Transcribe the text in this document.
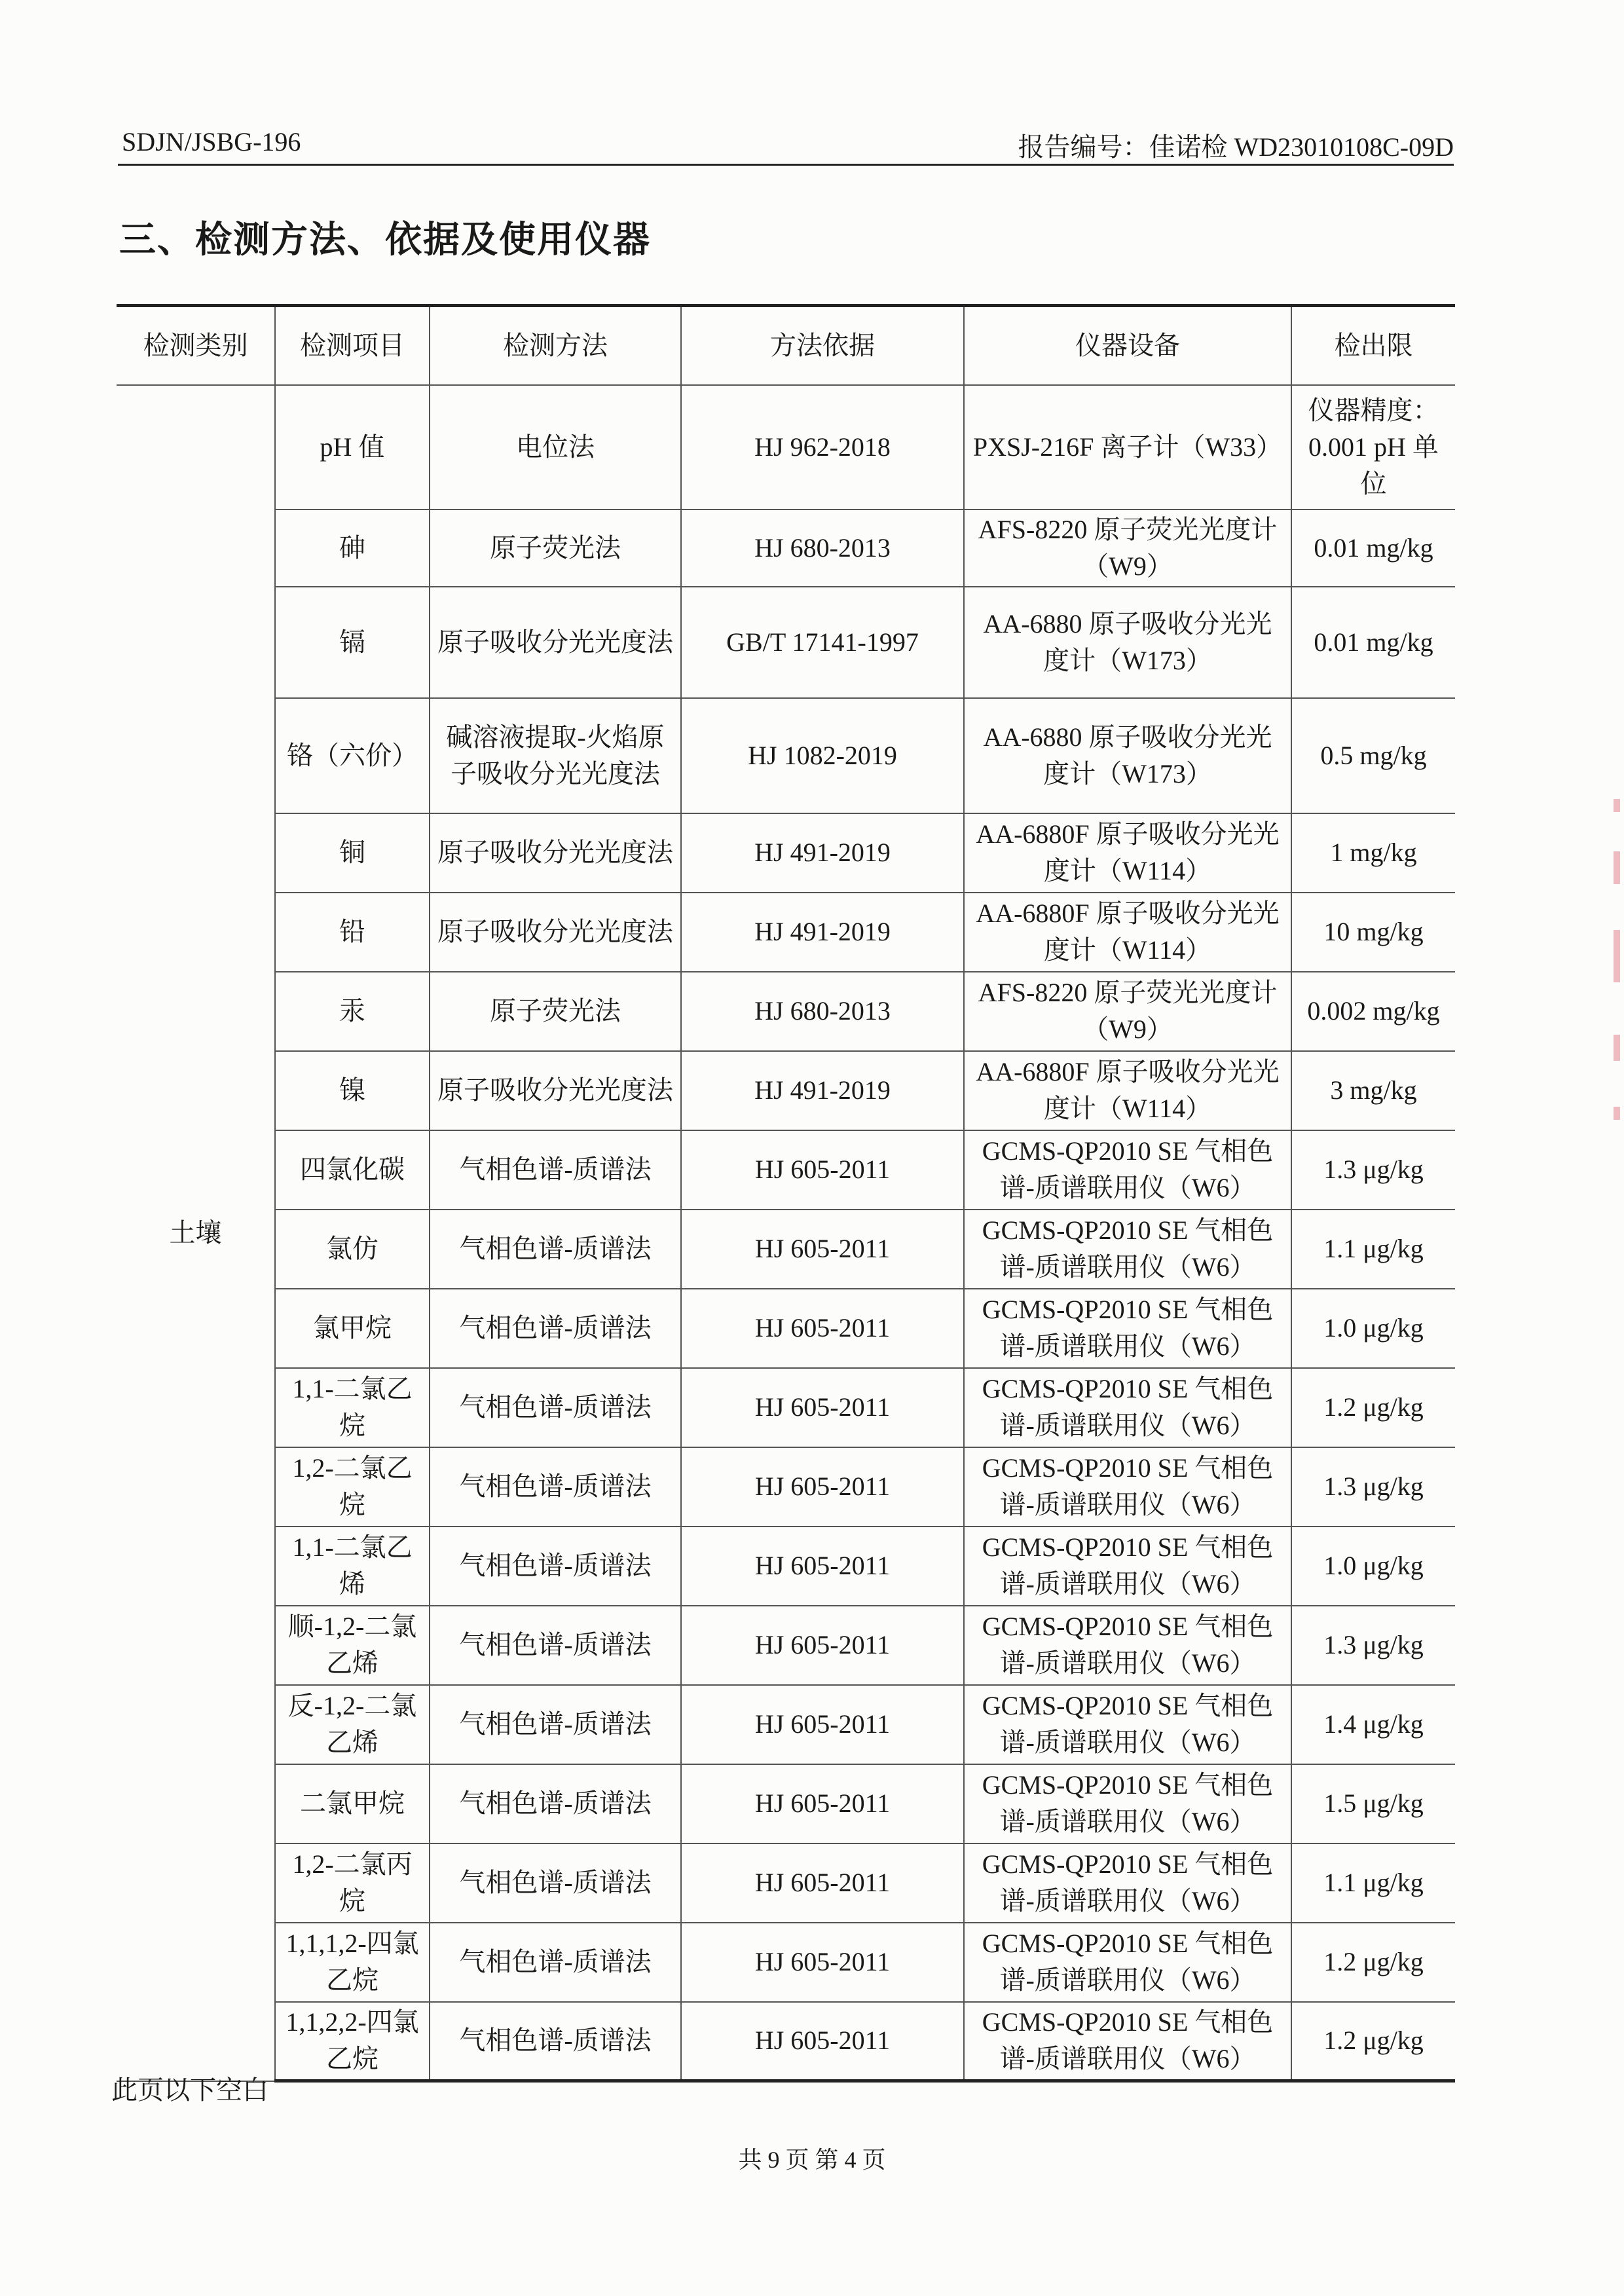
SDJN/JSBG-196	报告编号：佳诺检 WD23010108C-09D
三、检测方法、依据及使用仪器
检测类别	检测项目	检测方法	方法依据	仪器设备	检出限
土壤	pH 值	电位法	HJ 962-2018	PXSJ-216F 离子计（W33）	仪器精度：0.001 pH 单位
	砷	原子荧光法	HJ 680-2013	AFS-8220 原子荧光光度计（W9）	0.01 mg/kg
	镉	原子吸收分光光度法	GB/T 17141-1997	AA-6880 原子吸收分光光度计（W173）	0.01 mg/kg
	铬（六价）	碱溶液提取-火焰原子吸收分光光度法	HJ 1082-2019	AA-6880 原子吸收分光光度计（W173）	0.5 mg/kg
	铜	原子吸收分光光度法	HJ 491-2019	AA-6880F 原子吸收分光光度计（W114）	1 mg/kg
	铅	原子吸收分光光度法	HJ 491-2019	AA-6880F 原子吸收分光光度计（W114）	10 mg/kg
	汞	原子荧光法	HJ 680-2013	AFS-8220 原子荧光光度计（W9）	0.002 mg/kg
	镍	原子吸收分光光度法	HJ 491-2019	AA-6880F 原子吸收分光光度计（W114）	3 mg/kg
	四氯化碳	气相色谱-质谱法	HJ 605-2011	GCMS-QP2010 SE 气相色谱-质谱联用仪（W6）	1.3 μg/kg
	氯仿	气相色谱-质谱法	HJ 605-2011	GCMS-QP2010 SE 气相色谱-质谱联用仪（W6）	1.1 μg/kg
	氯甲烷	气相色谱-质谱法	HJ 605-2011	GCMS-QP2010 SE 气相色谱-质谱联用仪（W6）	1.0 μg/kg
	1,1-二氯乙烷	气相色谱-质谱法	HJ 605-2011	GCMS-QP2010 SE 气相色谱-质谱联用仪（W6）	1.2 μg/kg
	1,2-二氯乙烷	气相色谱-质谱法	HJ 605-2011	GCMS-QP2010 SE 气相色谱-质谱联用仪（W6）	1.3 μg/kg
	1,1-二氯乙烯	气相色谱-质谱法	HJ 605-2011	GCMS-QP2010 SE 气相色谱-质谱联用仪（W6）	1.0 μg/kg
	顺-1,2-二氯乙烯	气相色谱-质谱法	HJ 605-2011	GCMS-QP2010 SE 气相色谱-质谱联用仪（W6）	1.3 μg/kg
	反-1,2-二氯乙烯	气相色谱-质谱法	HJ 605-2011	GCMS-QP2010 SE 气相色谱-质谱联用仪（W6）	1.4 μg/kg
	二氯甲烷	气相色谱-质谱法	HJ 605-2011	GCMS-QP2010 SE 气相色谱-质谱联用仪（W6）	1.5 μg/kg
	1,2-二氯丙烷	气相色谱-质谱法	HJ 605-2011	GCMS-QP2010 SE 气相色谱-质谱联用仪（W6）	1.1 μg/kg
	1,1,1,2-四氯乙烷	气相色谱-质谱法	HJ 605-2011	GCMS-QP2010 SE 气相色谱-质谱联用仪（W6）	1.2 μg/kg
	1,1,2,2-四氯乙烷	气相色谱-质谱法	HJ 605-2011	GCMS-QP2010 SE 气相色谱-质谱联用仪（W6）	1.2 μg/kg
此页以下空白
共 9 页 第 4 页
